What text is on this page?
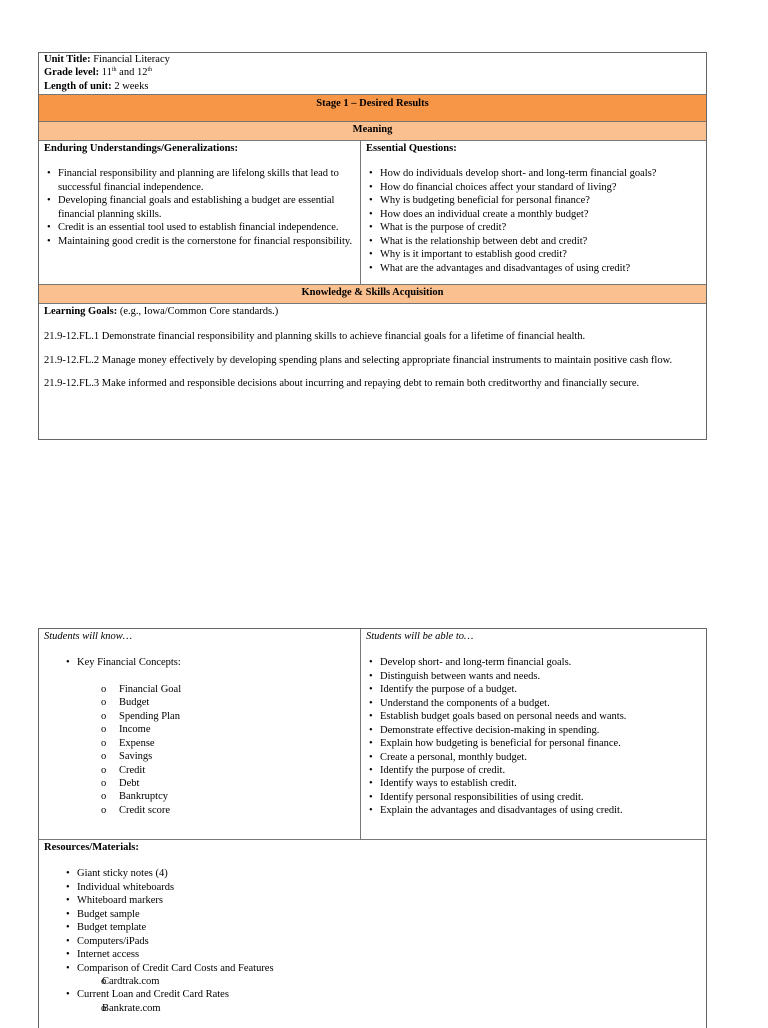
Unit Title: Financial Literacy
Grade level: 11th and 12th
Length of unit: 2 weeks
Stage 1 – Desired Results
Meaning
Enduring Understandings/Generalizations:
• Financial responsibility and planning are lifelong skills that lead to successful financial independence.
• Developing financial goals and establishing a budget are essential financial planning skills.
• Credit is an essential tool used to establish financial independence.
• Maintaining good credit is the cornerstone for financial responsibility.
Essential Questions:
• How do individuals develop short- and long-term financial goals?
• How do financial choices affect your standard of living?
• Why is budgeting beneficial for personal finance?
• How does an individual create a monthly budget?
• What is the purpose of credit?
• What is the relationship between debt and credit?
• Why is it important to establish good credit?
• What are the advantages and disadvantages of using credit?
Knowledge & Skills Acquisition
Learning Goals: (e.g., Iowa/Common Core standards.)

21.9-12.FL.1 Demonstrate financial responsibility and planning skills to achieve financial goals for a lifetime of financial health.

21.9-12.FL.2 Manage money effectively by developing spending plans and selecting appropriate financial instruments to maintain positive cash flow.

21.9-12.FL.3 Make informed and responsible decisions about incurring and repaying debt to remain both creditworthy and financially secure.

Students will know…
• Key Financial Concepts:
o Financial Goal
o Budget
o Spending Plan
o Income
o Expense
o Savings
o Credit
o Debt
o Bankruptcy
o Credit score
Students will be able to…
• Develop short- and long-term financial goals.
• Distinguish between wants and needs.
• Identify the purpose of a budget.
• Understand the components of a budget.
• Establish budget goals based on personal needs and wants.
• Demonstrate effective decision-making in spending.
• Explain how budgeting is beneficial for personal finance.
• Create a personal, monthly budget.
• Identify the purpose of credit.
• Identify ways to establish credit.
• Identify personal responsibilities of using credit.
• Explain the advantages and disadvantages of using credit.
Resources/Materials:
• Giant sticky notes (4)
• Individual whiteboards
• Whiteboard markers
• Budget sample
• Budget template
• Computers/iPads
• Internet access
• Comparison of Credit Card Costs and Features
o Cardtrak.com
• Current Loan and Credit Card Rates
o Bankrate.com
